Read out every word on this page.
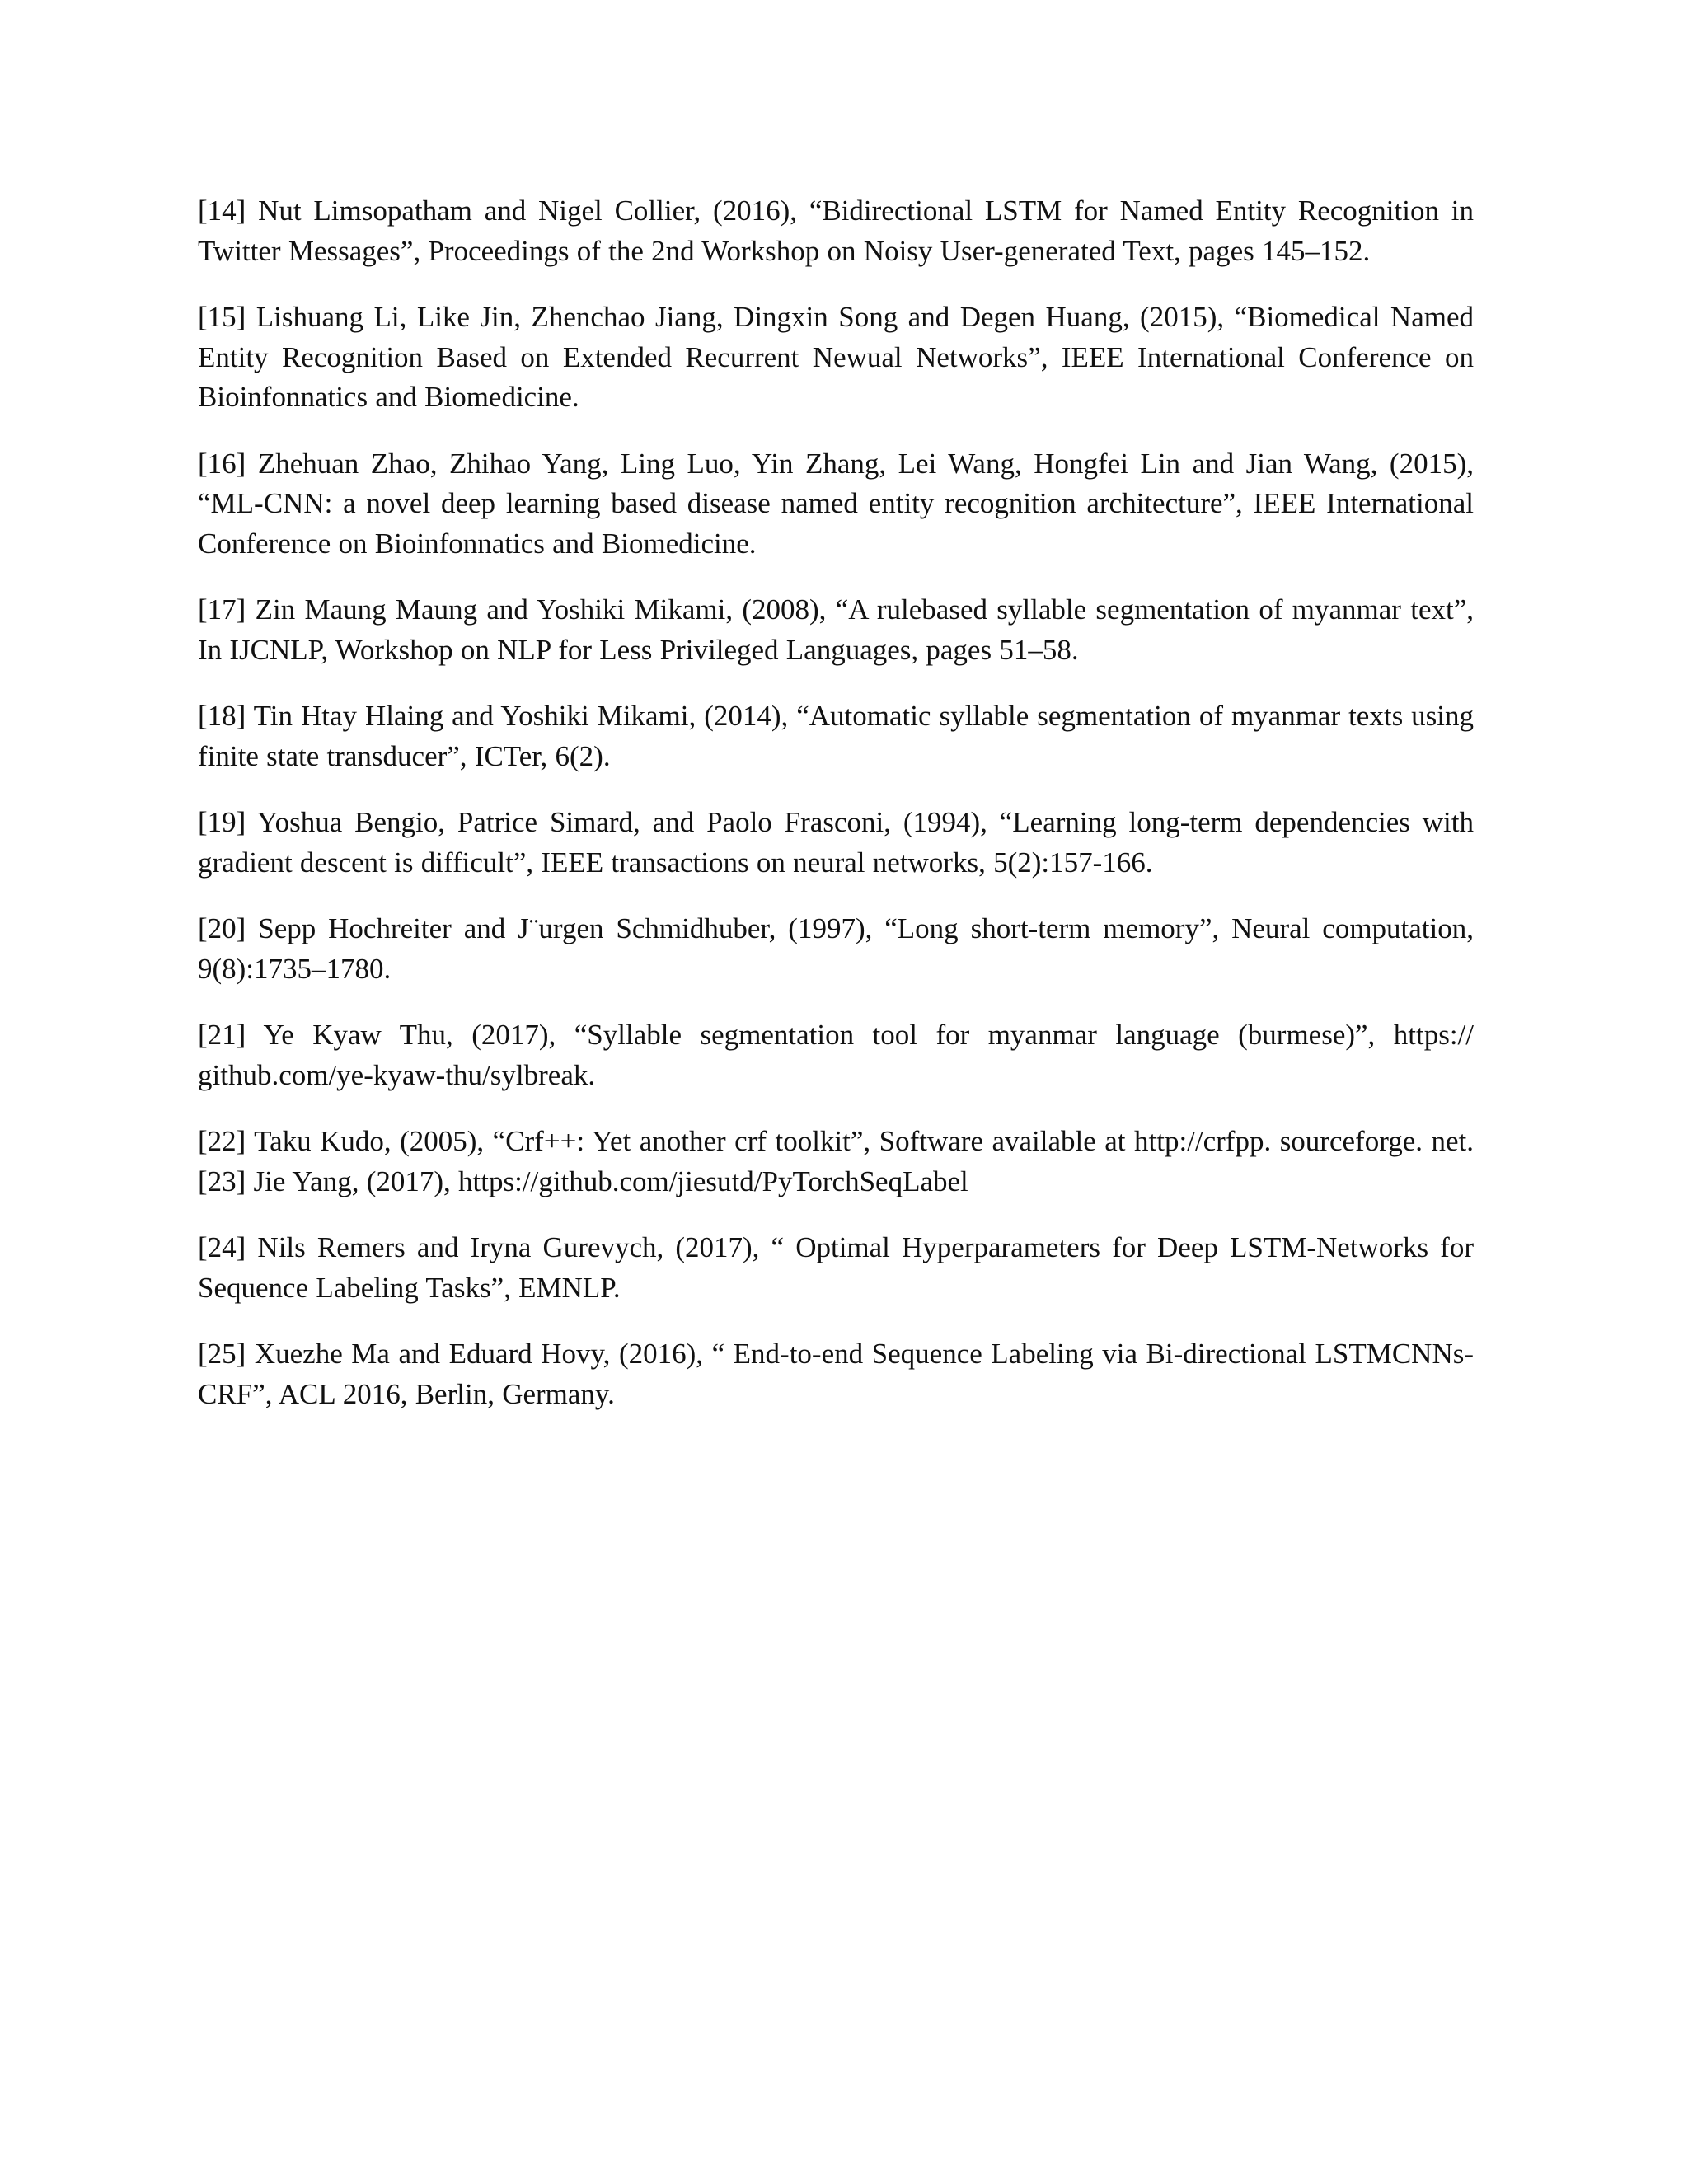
[14] Nut Limsopatham and Nigel Collier, (2016), “Bidirectional LSTM for Named Entity Recognition in Twitter Messages”, Proceedings of the 2nd Workshop on Noisy User-generated Text, pages 145–152.
[15] Lishuang Li, Like Jin, Zhenchao Jiang, Dingxin Song and Degen Huang, (2015), “Biomedical Named Entity Recognition Based on Extended Recurrent Newual Networks”, IEEE International Conference on Bioinfonnatics and Biomedicine.
[16] Zhehuan Zhao, Zhihao Yang, Ling Luo, Yin Zhang, Lei Wang, Hongfei Lin and Jian Wang, (2015), “ML-CNN: a novel deep learning based disease named entity recognition architecture”, IEEE International Conference on Bioinfonnatics and Biomedicine.
[17] Zin Maung Maung and Yoshiki Mikami, (2008), “A rulebased syllable segmentation of myanmar text”, In IJCNLP, Workshop on NLP for Less Privileged Languages, pages 51–58.
[18] Tin Htay Hlaing and Yoshiki Mikami, (2014), “Automatic syllable segmentation of myanmar texts using finite state transducer”, ICTer, 6(2).
[19] Yoshua Bengio, Patrice Simard, and Paolo Frasconi, (1994), “Learning long-term dependencies with gradient descent is difficult”, IEEE transactions on neural networks, 5(2):157-166.
[20] Sepp Hochreiter and J¨urgen Schmidhuber, (1997), “Long short-term memory”, Neural computation, 9(8):1735–1780.
[21] Ye Kyaw Thu, (2017), “Syllable segmentation tool for myanmar language (burmese)”, https:// github.com/ye-kyaw-thu/sylbreak.
[22] Taku Kudo, (2005), “Crf++: Yet another crf toolkit”, Software available at http://crfpp. sourceforge. net.[23] Jie Yang, (2017), https://github.com/jiesutd/PyTorchSeqLabel
[24] Nils Remers and Iryna Gurevych, (2017), “ Optimal Hyperparameters for Deep LSTM-Networks for Sequence Labeling Tasks”, EMNLP.
[25] Xuezhe Ma and Eduard Hovy, (2016), “ End-to-end Sequence Labeling via Bi-directional LSTMCNNs-CRF”, ACL 2016, Berlin, Germany.
